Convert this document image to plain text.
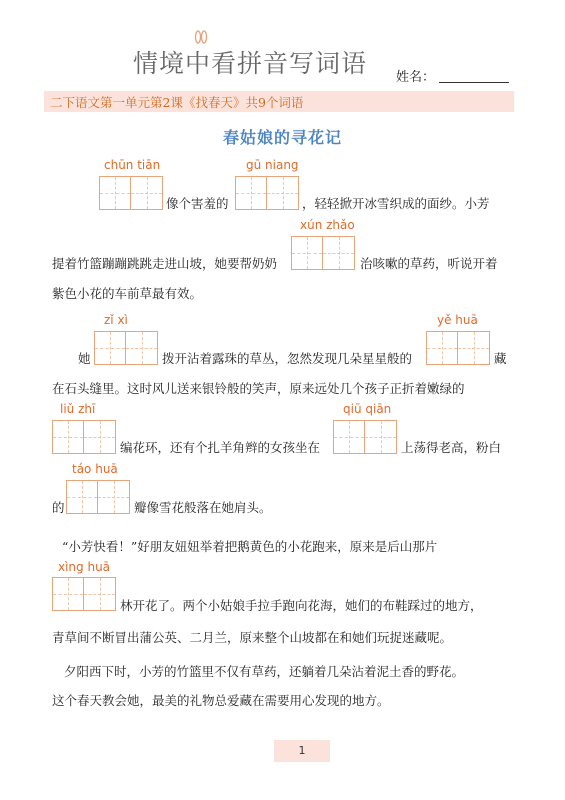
情境
中看拼音写词语 姓名：
二下语文第一单元第2课《找春天》共9个词语
春姑娘的寻花记
chūn tiān	gū niang
像个害羞的	，轻轻掀开冰雪织成的面纱。小芳
xún zhǎo
提着竹篮蹦蹦跳跳走进山坡，她要帮奶奶	治咳嗽的草药，听说开着
紫色小花的车前草最有效。
zǐ xì	yě huā
她	拨开沾着露珠的草丛，忽然发现几朵星星般的	藏
在石头缝里。这时风儿送来银铃般的笑声，原来远处几个孩子正折着嫩绿的
liǔ zhī	qiū qiān
编花环，还有个扎羊角辫的女孩坐在	上荡得老高，粉白
táo huā
的	瓣像雪花般落在她肩头。
“小芳快看！”好朋友妞妞举着把鹅黄色的小花跑来，原来是后山那片
xìng huā
林开花了。两个小姑娘手拉手跑向花海，她们的布鞋踩过的地方，
青草间不断冒出蒲公英、二月兰，原来整个山坡都在和她们玩捉迷藏呢。
夕阳西下时，小芳的竹篮里不仅有草药，还躺着几朵沾着泥土香的野花。
这个春天教会她，最美的礼物总爱藏在需要用心发现的地方。
1
